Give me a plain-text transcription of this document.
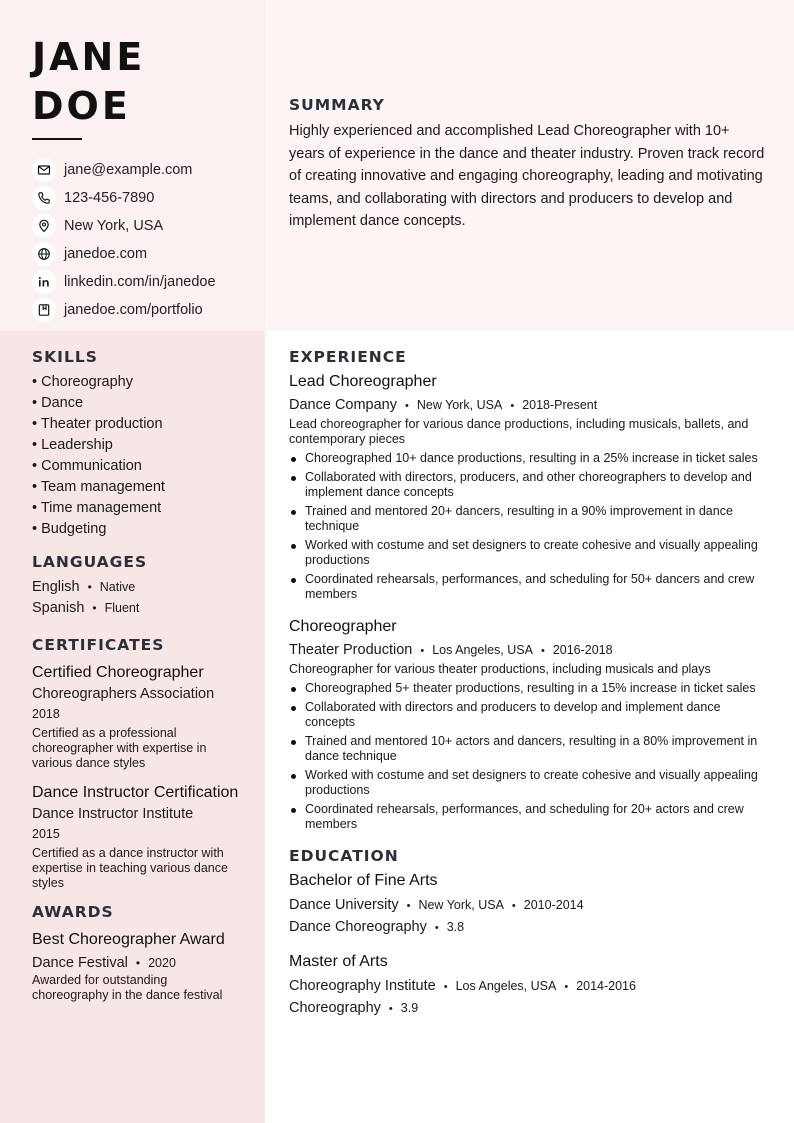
JANE
DOE
jane@example.com
123-456-7890
New York, USA
janedoe.com
linkedin.com/in/janedoe
janedoe.com/portfolio
SUMMARY

Highly experienced and accomplished Lead Choreographer with 10+ years of experience in the dance and theater industry. Proven track record of creating innovative and engaging choreography, leading and motivating teams, and collaborating with directors and producers to develop and implement dance concepts.

SKILLS
• Choreography
• Dance
• Theater production
• Leadership
• Communication
• Team management
• Time management
• Budgeting
LANGUAGES
English • Native
Spanish • Fluent
CERTIFICATES

Certified Choreographer

Choreographers Association

2018

Certified as a professional choreographer with expertise in various dance styles

Dance Instructor Certification

Dance Instructor Institute

2015

Certified as a dance instructor with expertise in teaching various dance styles

AWARDS

Best Choreographer Award

Dance Festival • 2020

Awarded for outstanding choreography in the dance festival

EXPERIENCE

Lead Choreographer

Dance Company • New York, USA • 2018-Present

Lead choreographer for various dance productions, including musicals, ballets, and contemporary pieces

Choreographed 10+ dance productions, resulting in a 25% increase in ticket sales
Collaborated with directors, producers, and other choreographers to develop and implement dance concepts
Trained and mentored 20+ dancers, resulting in a 90% improvement in dance technique
Worked with costume and set designers to create cohesive and visually appealing productions
Coordinated rehearsals, performances, and scheduling for 50+ dancers and crew members

Choreographer

Theater Production • Los Angeles, USA • 2016-2018

Choreographer for various theater productions, including musicals and plays

Choreographed 5+ theater productions, resulting in a 15% increase in ticket sales
Collaborated with directors and producers to develop and implement dance concepts
Trained and mentored 10+ actors and dancers, resulting in a 80% improvement in dance technique
Worked with costume and set designers to create cohesive and visually appealing productions
Coordinated rehearsals, performances, and scheduling for 20+ actors and crew members
EDUCATION

Bachelor of Fine Arts

Dance University • New York, USA • 2010-2014
Dance Choreography • 3.8

Master of Arts

Choreography Institute • Los Angeles, USA • 2014-2016
Choreography • 3.9
